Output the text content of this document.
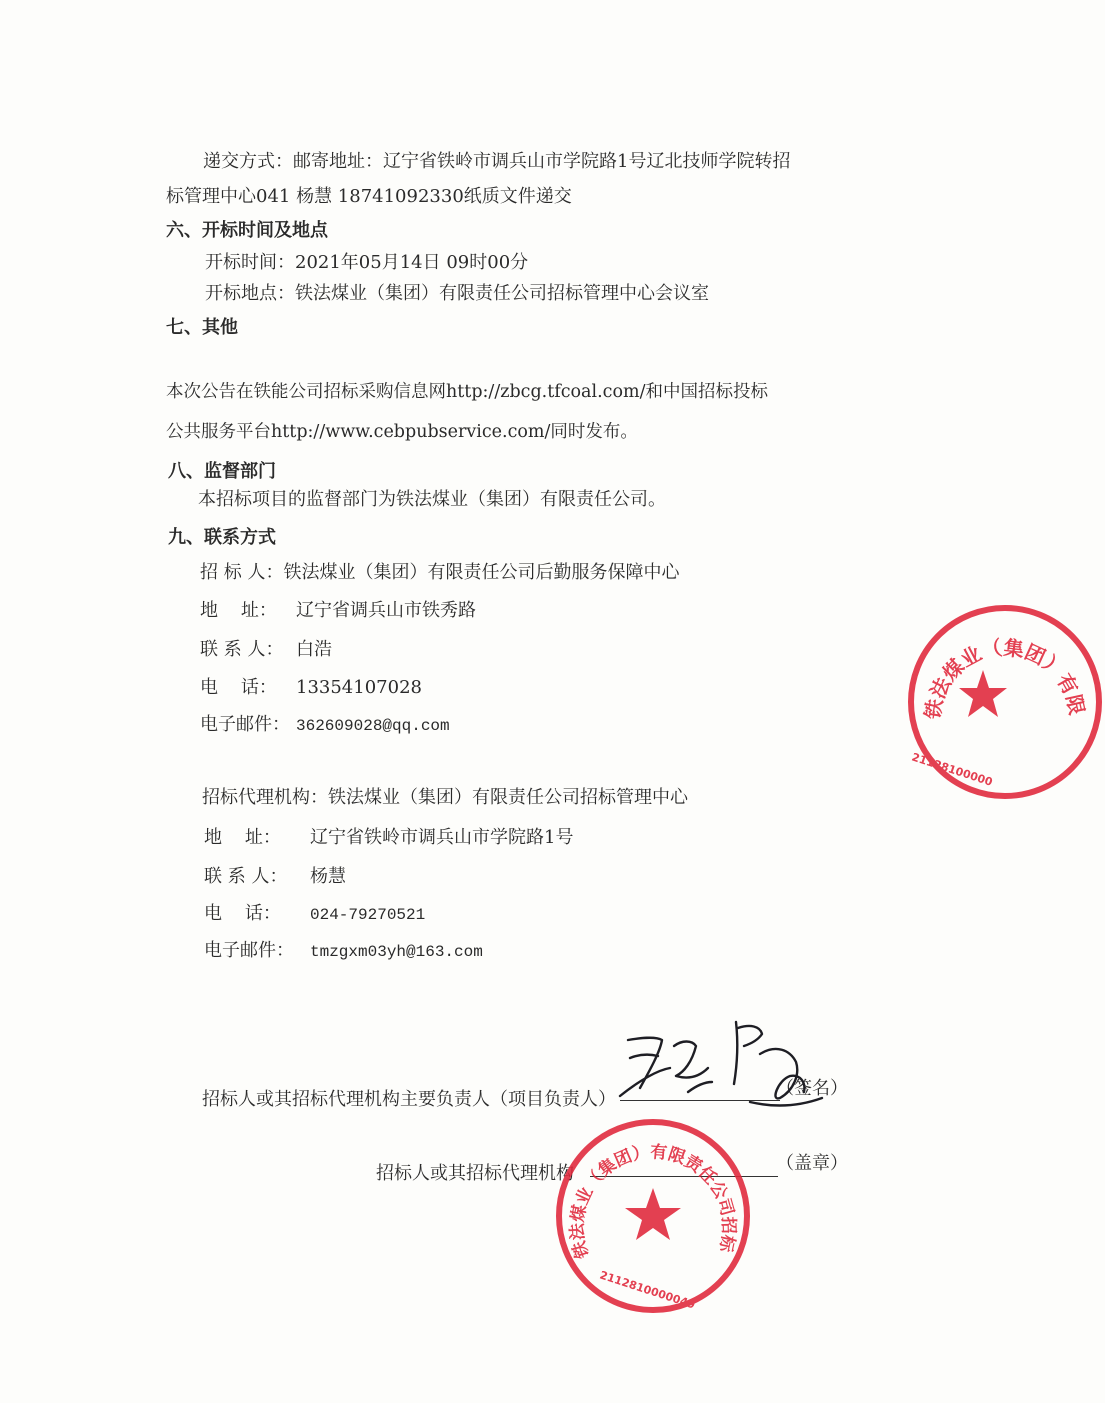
递交方式：邮寄地址：辽宁省铁岭市调兵山市学院路1号辽北技师学院转招
标管理中心041 杨慧 18741092330纸质文件递交
六、开标时间及地点
开标时间：2021年05月14日 09时00分
开标地点：铁法煤业（集团）有限责任公司招标管理中心会议室
七、其他
本次公告在铁能公司招标采购信息网http://zbcg.tfcoal.com/和中国招标投标
公共服务平台http://www.cebpubservice.com/同时发布。
八、监督部门
本招标项目的监督部门为铁法煤业（集团）有限责任公司。
九、联系方式
招 标 人：铁法煤业（集团）有限责任公司后勤服务保障中心
地    址： 辽宁省调兵山市铁秀路
联 系 人： 白浩
电    话： 13354107028
电子邮件： 362609028@qq.com
招标代理机构：铁法煤业（集团）有限责任公司招标管理中心
地    址： 辽宁省铁岭市调兵山市学院路1号
联 系 人： 杨慧
电    话： 024-79270521
电子邮件： tmzgxm03yh@163.com
招标人或其招标代理机构主要负责人（项目负责人）
（签名）
招标人或其招标代理机构	（盖章）
铁法煤业（集团）有限
21128100000
铁法煤业（集团）有限责任公司招标
2112810000049
